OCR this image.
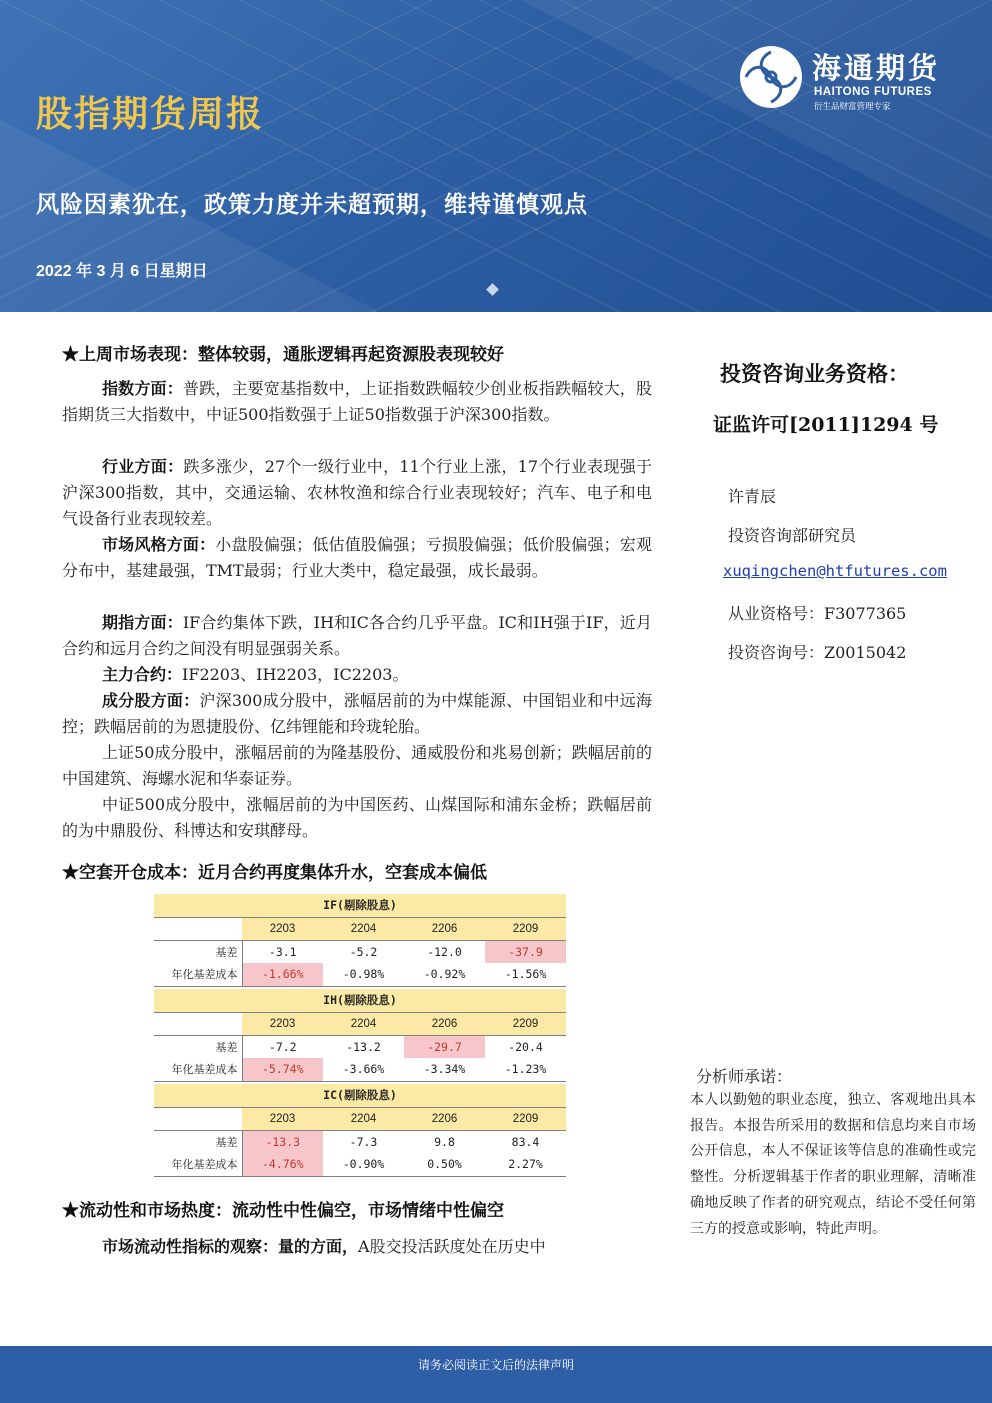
股指期货周报
风险因素犹在，政策力度并未超预期，维持谨慎观点
2022 年 3 月 6 日星期日
海通期货
HAITONG FUTURES
衍生品财富管理专家
★上周市场表现：整体较弱，通胀逻辑再起资源股表现较好

指数方面：普跌，主要宽基指数中，上证指数跌幅较少创业板指跌幅较大，股指期货三大指数中，中证500指数强于上证50指数强于沪深300指数。

行业方面：跌多涨少，27个一级行业中，11个行业上涨，17个行业表现强于沪深300指数，其中，交通运输、农林牧渔和综合行业表现较好；汽车、电子和电气设备行业表现较差。

市场风格方面：小盘股偏强；低估值股偏强；亏损股偏强；低价股偏强；宏观分布中，基建最强，TMT最弱；行业大类中，稳定最强，成长最弱。

期指方面：IF合约集体下跌，IH和IC各合约几乎平盘。IC和IH强于IF，近月合约和远月合约之间没有明显强弱关系。

主力合约：IF2203、IH2203，IC2203。

成分股方面：沪深300成分股中，涨幅居前的为中煤能源、中国铝业和中远海控；跌幅居前的为恩捷股份、亿纬锂能和玲珑轮胎。

上证50成分股中，涨幅居前的为隆基股份、通威股份和兆易创新；跌幅居前的中国建筑、海螺水泥和华泰证券。

中证500成分股中，涨幅居前的为中国医药、山煤国际和浦东金桥；跌幅居前的为中鼎股份、科博达和安琪酵母。

★空套开仓成本：近月合约再度集体升水，空套成本偏低
★流动性和市场热度：流动性中性偏空，市场情绪中性偏空

市场流动性指标的观察：量的方面，A股交投活跃度处在历史中

IF(剔除股息)				
	2203	2204	2206	2209
基差	-3.1	-5.2	-12.0	-37.9
年化基差成本	-1.66%	-0.98%	-0.92%	-1.56%
IH(剔除股息)				
	2203	2204	2206	2209
基差	-7.2	-13.2	-29.7	-20.4
年化基差成本	-5.74%	-3.66%	-3.34%	-1.23%
IC(剔除股息)				
	2203	2204	2206	2209
基差	-13.3	-7.3	9.8	83.4
年化基差成本	-4.76%	-0.90%	0.50%	2.27%
投资咨询业务资格：
证监许可[2011]1294 号
许青辰
投资咨询部研究员
xuqingchen@htfutures.com
从业资格号：F3077365
投资咨询号：Z0015042
分析师承诺：
本人以勤勉的职业态度，独立、客观地出具本报告。本报告所采用的数据和信息均来自市场公开信息，本人不保证该等信息的准确性或完整性。分析逻辑基于作者的职业理解，清晰准确地反映了作者的研究观点，结论不受任何第三方的授意或影响，特此声明。
请务必阅读正文后的法律声明
